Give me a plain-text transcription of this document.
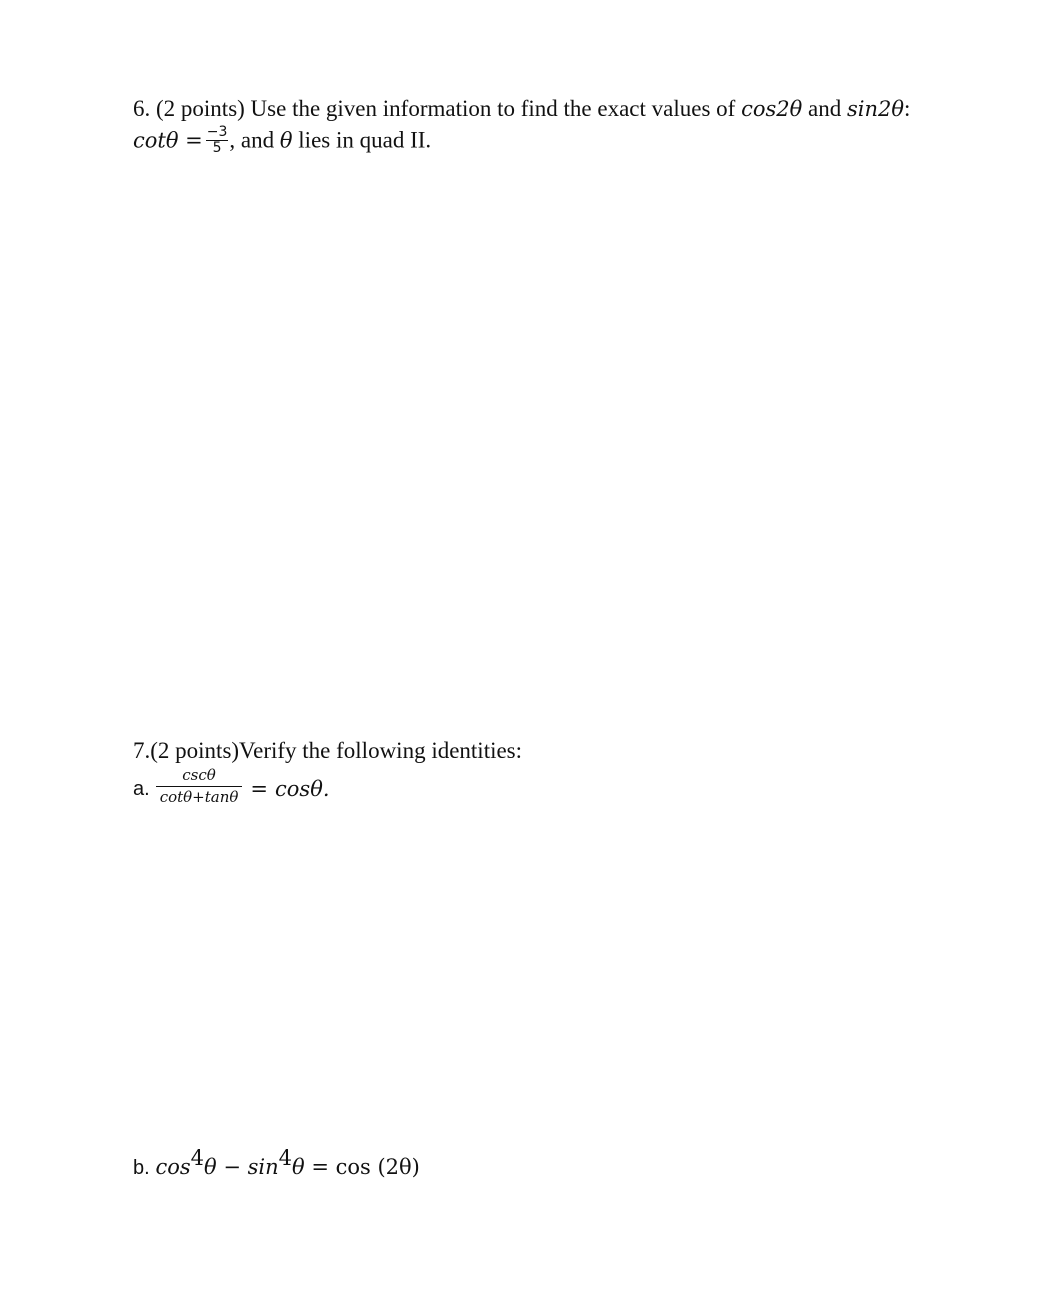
6. (2 points) Use the given information to find the exact values of cos2θ and sin2θ:
$\cot\theta = \frac{-3}{5}$ , and θ lies in quad II.
7.(2 points)Verify the following identities:
a. $\frac{\csc\theta}{\cot\theta+\tan\theta} = \cos\theta$.
b. $\cos^4\theta - \sin^4\theta = \cos (2\theta)$
